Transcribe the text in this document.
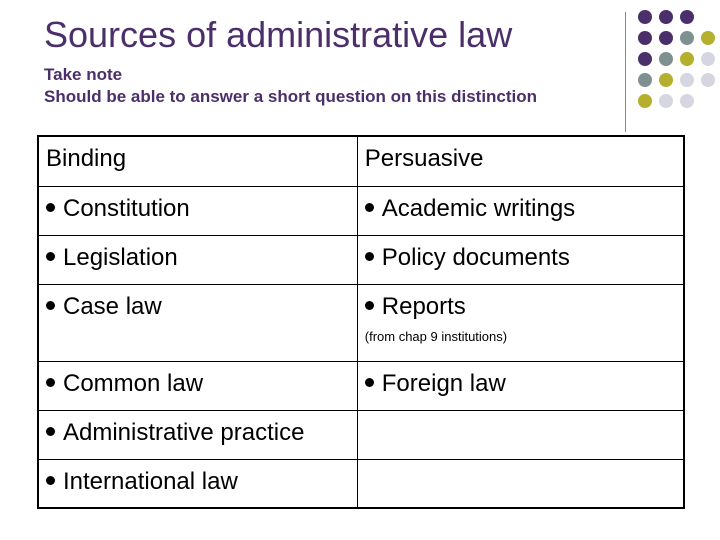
Sources of administrative law
Take note
Should be able to answer a short question on this distinction
Binding	Persuasive

Constitution	Academic writings

Legislation	Policy documents

Case law	Reports
(from chap 9 institutions)

Common law	Foreign law

Administrative practice	

International law	
